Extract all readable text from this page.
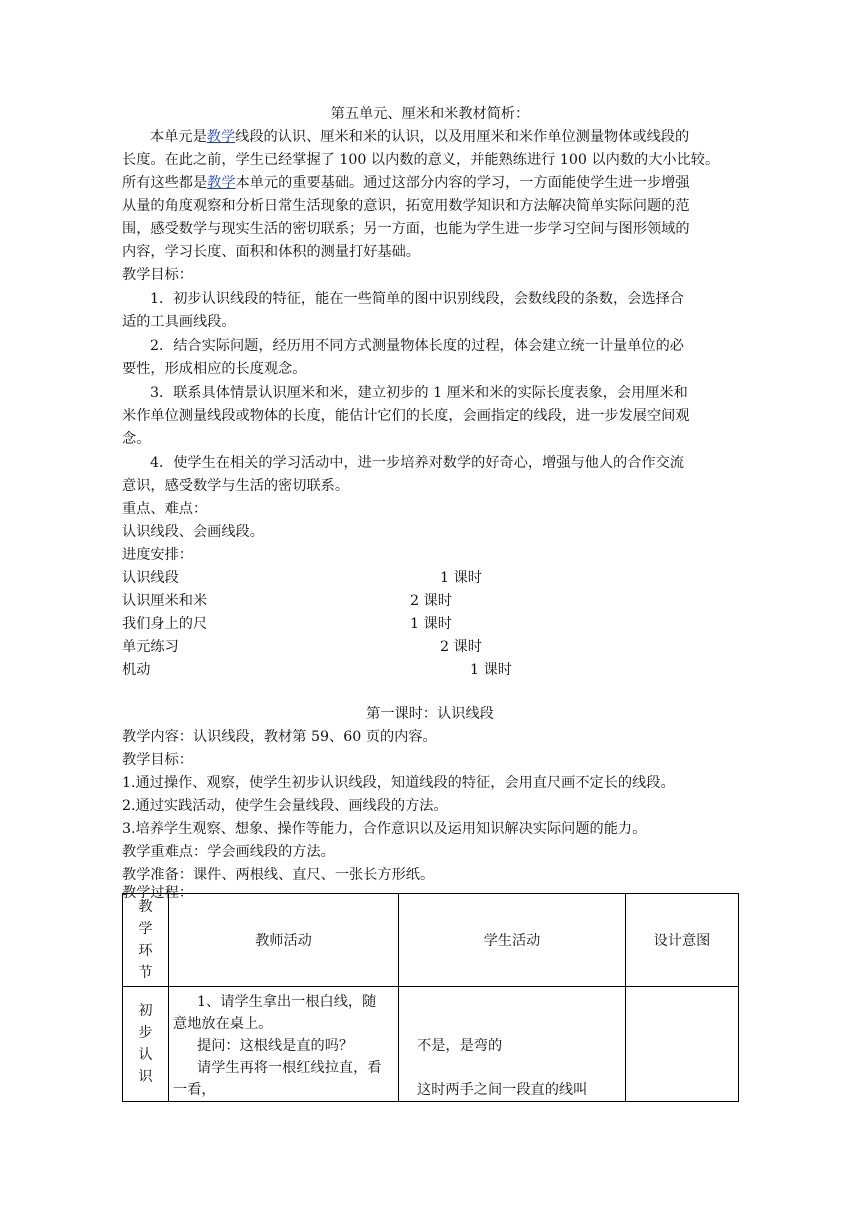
第五单元、厘米和米教材简析：
本单元是教学线段的认识、厘米和米的认识，以及用厘米和米作单位测量物体或线段的
长度。在此之前，学生已经掌握了 100 以内数的意义，并能熟练进行 100 以内数的大小比较。
所有这些都是教学本单元的重要基础。通过这部分内容的学习，一方面能使学生进一步增强
从量的角度观察和分析日常生活现象的意识，拓宽用数学知识和方法解决简单实际问题的范
围，感受数学与现实生活的密切联系；另一方面，也能为学生进一步学习空间与图形领域的
内容，学习长度、面积和体积的测量打好基础。
教学目标：
1．初步认识线段的特征，能在一些简单的图中识别线段，会数线段的条数，会选择合
适的工具画线段。
2．结合实际问题，经历用不同方式测量物体长度的过程，体会建立统一计量单位的必
要性，形成相应的长度观念。
3．联系具体情景认识厘米和米，建立初步的 1 厘米和米的实际长度表象，会用厘米和
米作单位测量线段或物体的长度，能估计它们的长度，会画指定的线段，进一步发展空间观
念。
4．使学生在相关的学习活动中，进一步培养对数学的好奇心，增强与他人的合作交流
意识，感受数学与生活的密切联系。
重点、难点：
认识线段、会画线段。
进度安排：
认识线段	1 课时
认识厘米和米	2 课时
我们身上的尺	1 课时
单元练习	2 课时
机动	1 课时
第一课时：认识线段
教学内容：认识线段，教材第 59、60 页的内容。
教学目标：
1.通过操作、观察，使学生初步认识线段，知道线段的特征，会用直尺画不定长的线段。
2.通过实践活动，使学生会量线段、画线段的方法。
3.培养学生观察、想象、操作等能力，合作意识以及运用知识解决实际问题的能力。
教学重难点：学会画线段的方法。
教学准备：课件、两根线、直尺、一张长方形纸。
教学过程：
教
学
环
节	教师活动	学生活动	设计意图

初
步
认
识	1、请学生拿出一根白线，随
意地放在桌上。
提问：这根线是直的吗？
请学生再将一根红线拉直，看
一看，	不是，是弯的
这时两手之间一段直的线叫	
